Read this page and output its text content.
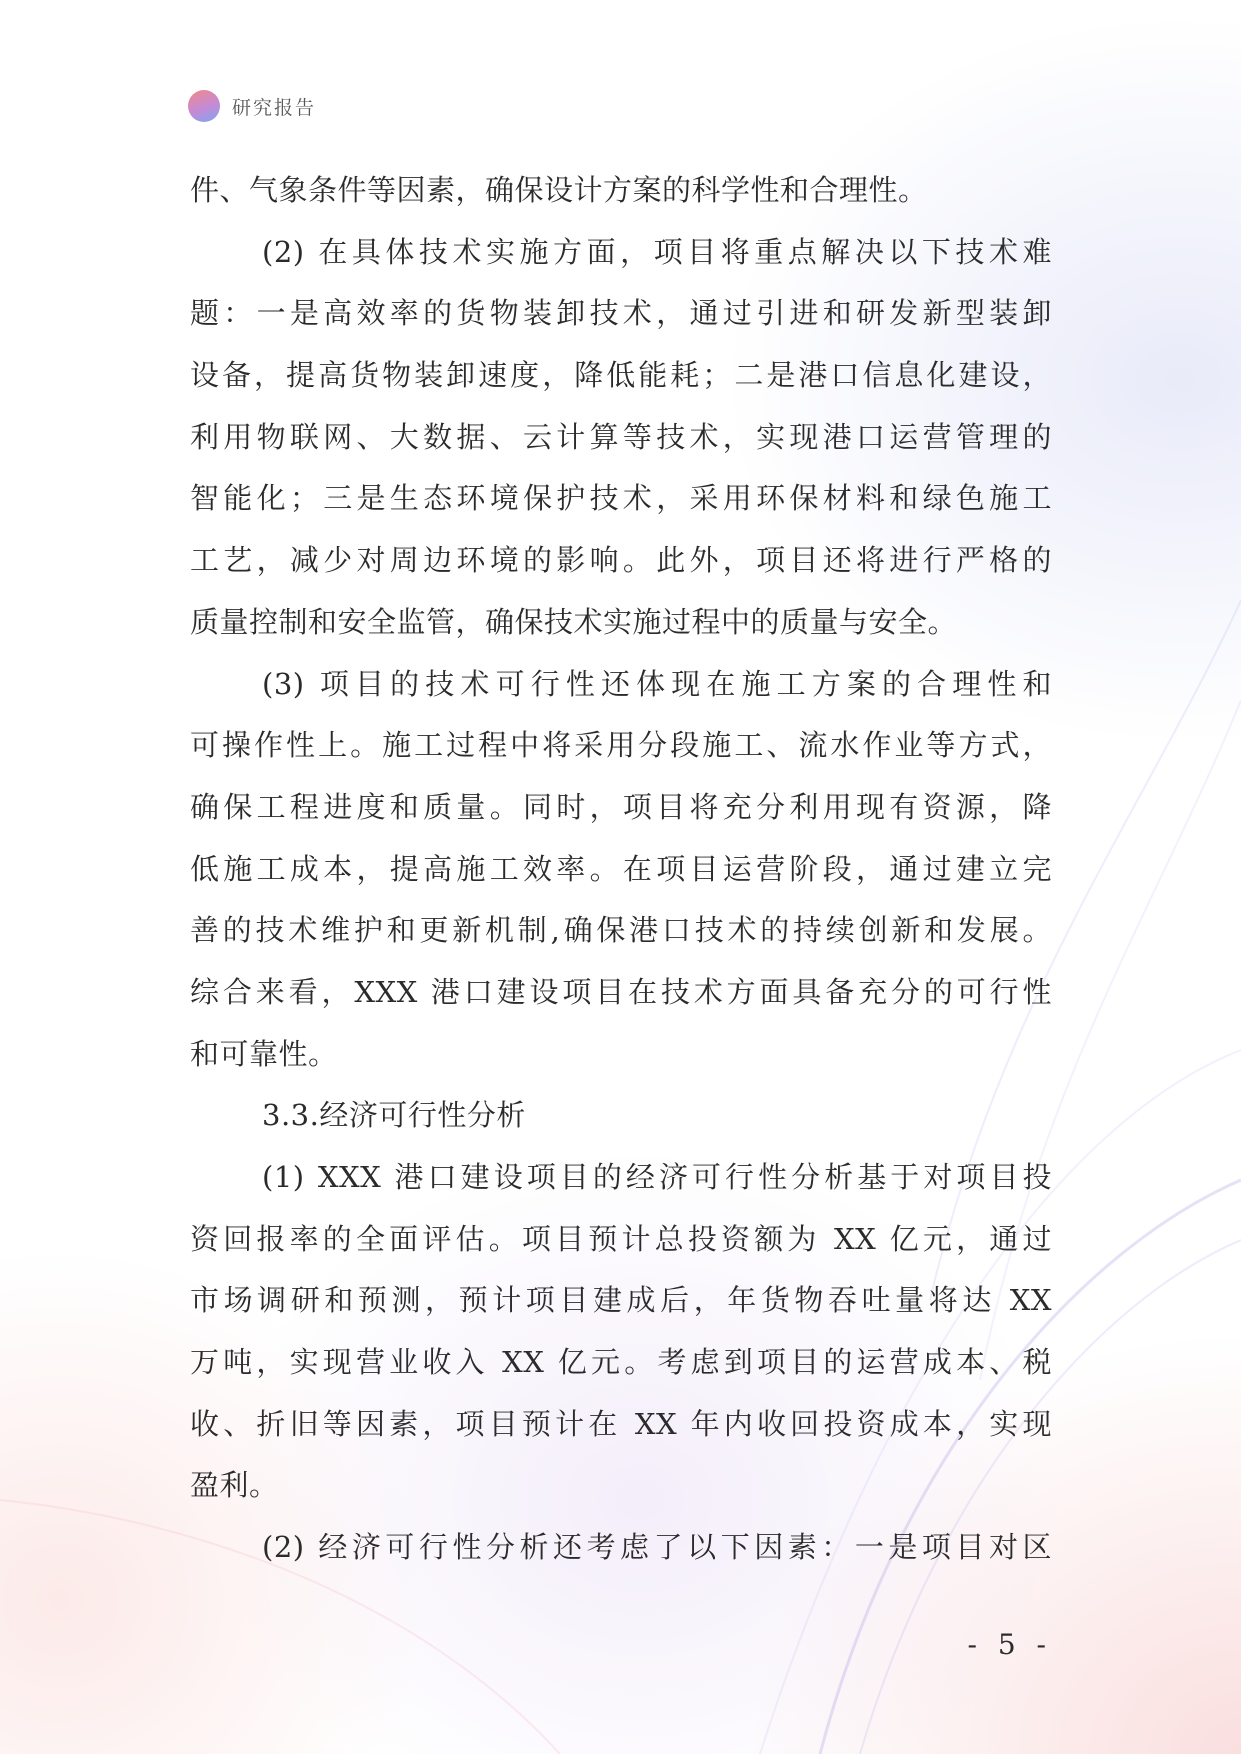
研究报告
件、气象条件等因素，确保设计方案的科学性和合理性。
(2) 在具体技术实施方面，项目将重点解决以下技术难
题：一是高效率的货物装卸技术，通过引进和研发新型装卸
设备，提高货物装卸速度，降低能耗；二是港口信息化建设，
利用物联网、大数据、云计算等技术，实现港口运营管理的
智能化；三是生态环境保护技术，采用环保材料和绿色施工
工艺，减少对周边环境的影响。此外，项目还将进行严格的
质量控制和安全监管，确保技术实施过程中的质量与安全。
(3) 项目的技术可行性还体现在施工方案的合理性和
可操作性上。施工过程中将采用分段施工、流水作业等方式，
确保工程进度和质量。同时，项目将充分利用现有资源，降
低施工成本，提高施工效率。在项目运营阶段，通过建立完
善的技术维护和更新机制,确保港口技术的持续创新和发展。
综合来看，XXX 港口建设项目在技术方面具备充分的可行性
和可靠性。
3.3.经济可行性分析
(1) XXX 港口建设项目的经济可行性分析基于对项目投
资回报率的全面评估。项目预计总投资额为 XX 亿元，通过
市场调研和预测，预计项目建成后，年货物吞吐量将达 XX
万吨，实现营业收入 XX 亿元。考虑到项目的运营成本、税
收、折旧等因素，项目预计在 XX 年内收回投资成本，实现
盈利。
(2) 经济可行性分析还考虑了以下因素：一是项目对区
- 5 -
